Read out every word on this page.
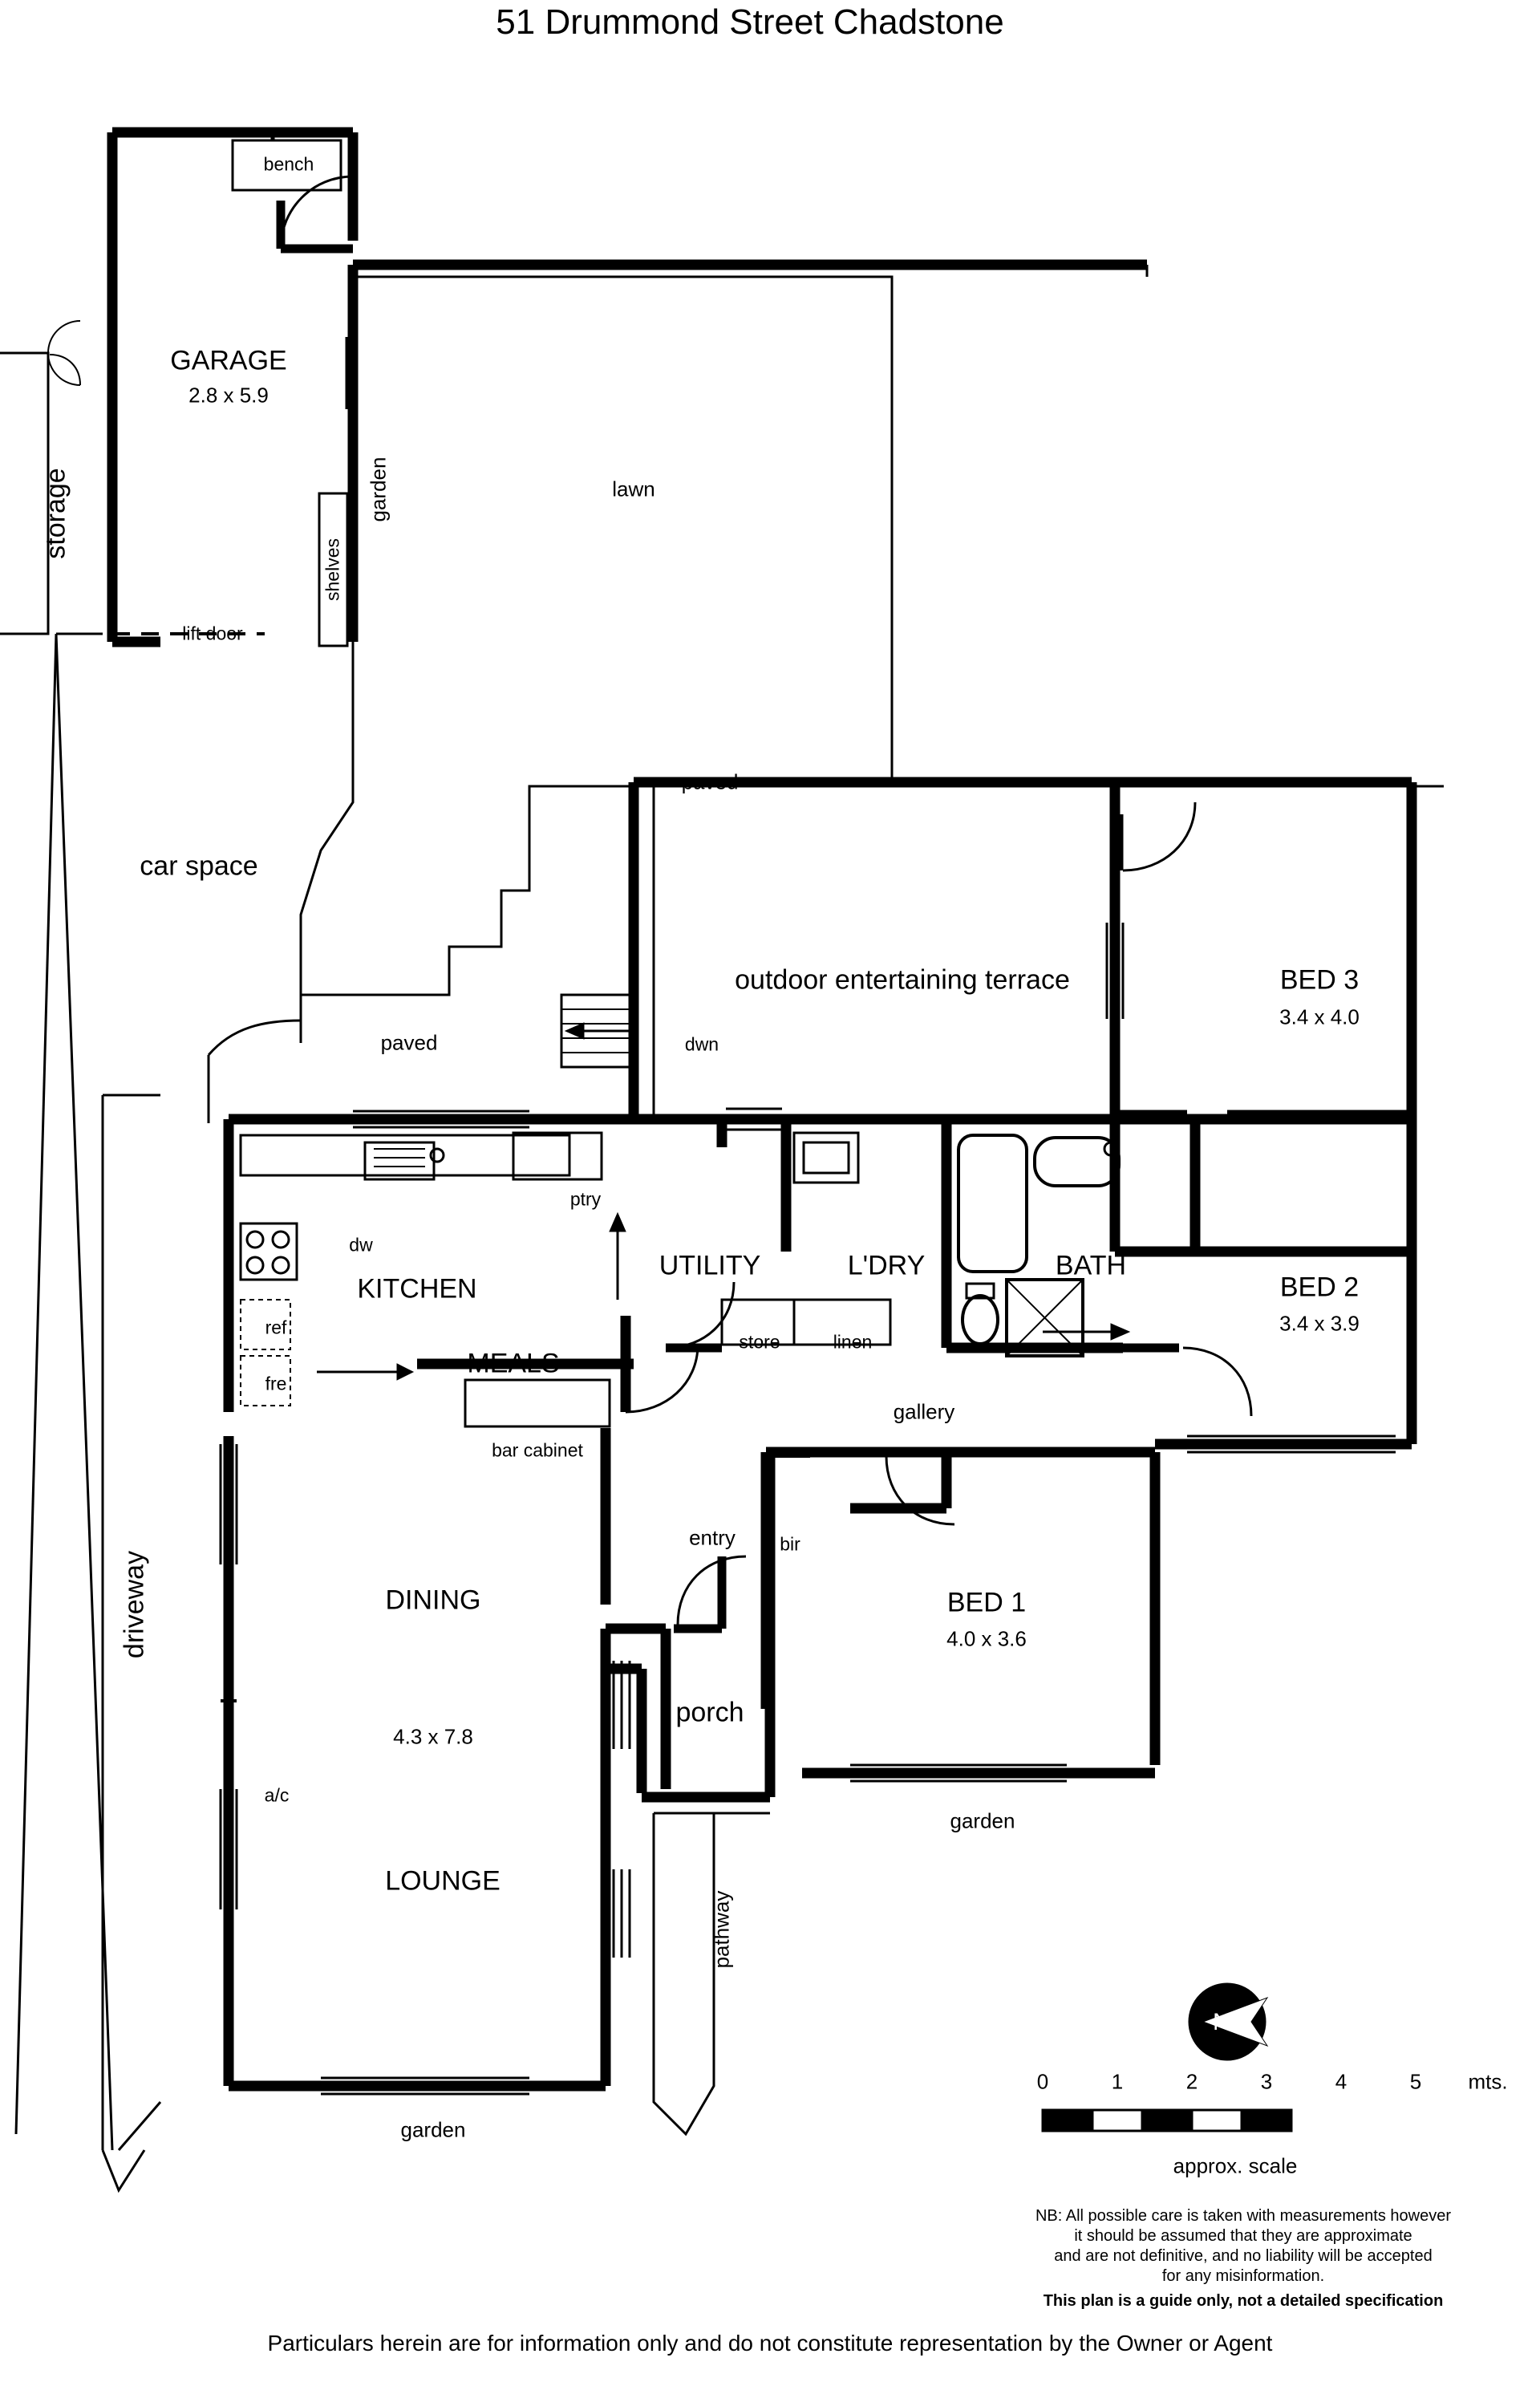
N
51 Drummond Street Chadstone
storage
bench
GARAGE
2.8 x 5.9
shelves
garden	lawn
lift door
paved
car space
paved
outdoor entertaining terrace
dwn
BED 3
3.4 x 4.0
ptry
dw
ref
fre
KITCHEN
MEALS
UTILITY	L'DRY	BATH
store	linen
gallery
bar cabinet
BED 2
3.4 x 3.9
DINING
4.3 x 7.8
LOUNGE
entry bir
BED 1
4.0 x 3.6
porch
garden
pathway
driveway
a/c
garden
0	1	2	3	4	5 mts.
approx. scale
NB: All possible care is taken with measurements however
it should be assumed that they are approximate
and are not definitive, and no liability will be accepted
for any misinformation.
This plan is a guide only, not a detailed specification
Particulars herein are for information only and do not constitute representation by the Owner or Agent
